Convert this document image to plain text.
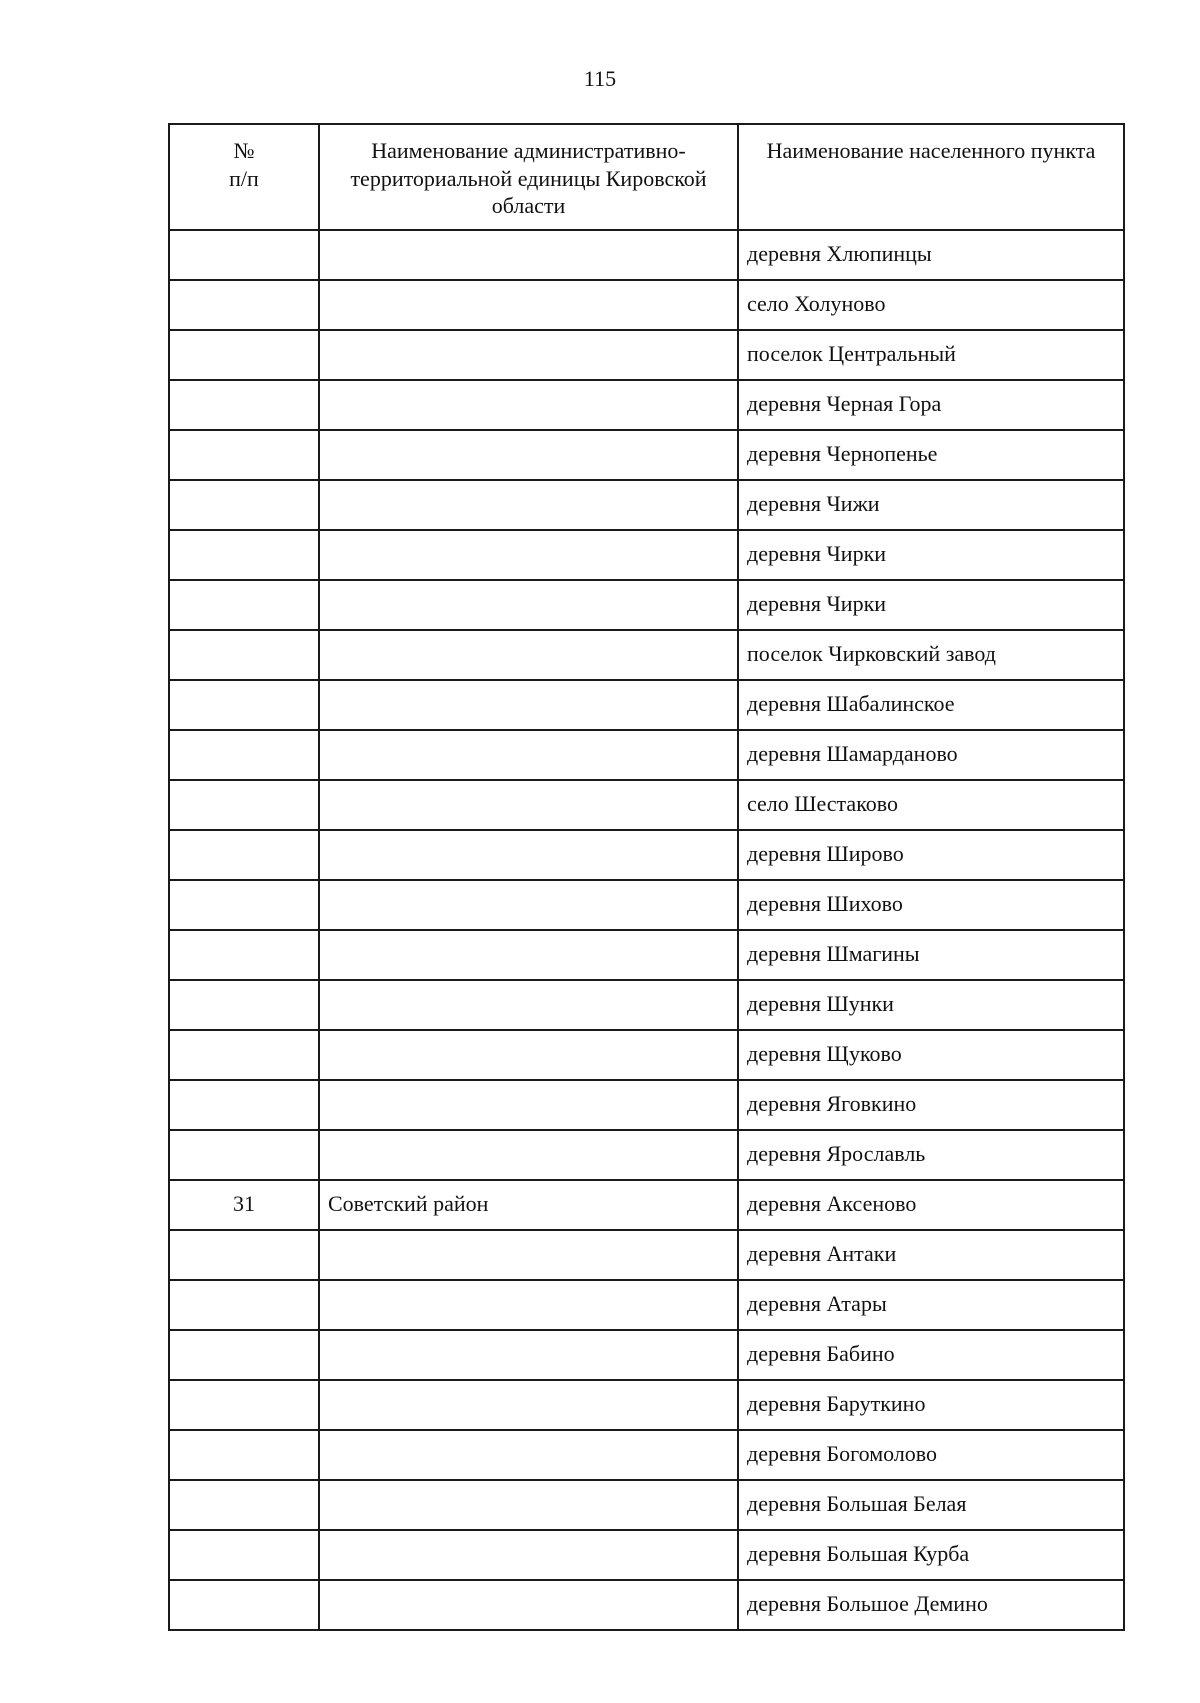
115
№
п/п	Наименование административно-территориальной единицы Кировской области	Наименование населенного пункта
		деревня Хлюпинцы
		село Холуново
		поселок Центральный
		деревня Черная Гора
		деревня Чернопенье
		деревня Чижи
		деревня Чирки
		деревня Чирки
		поселок Чирковский завод
		деревня Шабалинское
		деревня Шамарданово
		село Шестаково
		деревня Широво
		деревня Шихово
		деревня Шмагины
		деревня Шунки
		деревня Щуково
		деревня Яговкино
		деревня Ярославль
31	Советский район	деревня Аксеново
		деревня Антаки
		деревня Атары
		деревня Бабино
		деревня Баруткино
		деревня Богомолово
		деревня Большая Белая
		деревня Большая Курба
		деревня Большое Демино
